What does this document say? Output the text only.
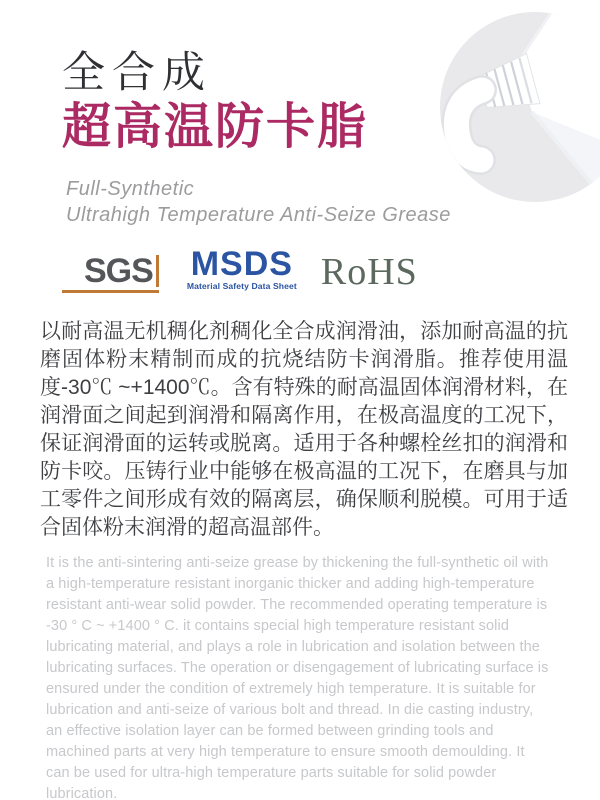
全合成
超高温防卡脂
Full-Synthetic
Ultrahigh Temperature Anti-Seize Grease
SGS MSDS
Material Safety Data Sheet RoHS
以耐高温无机稠化剂稠化全合成润滑油，添加耐高温的抗磨固体粉末精制而成的抗烧结防卡润滑脂。推荐使用温度-30℃ ~+1400℃。含有特殊的耐高温固体润滑材料，在润滑面之间起到润滑和隔离作用，在极高温度的工况下，保证润滑面的运转或脱离。适用于各种螺栓丝扣的润滑和防卡咬。压铸行业中能够在极高温的工况下，在磨具与加工零件之间形成有效的隔离层，确保顺利脱模。可用于适合固体粉末润滑的超高温部件。
It is the anti-sintering anti-seize grease by thickening the full-synthetic oil with a high-temperature resistant inorganic thicker and adding high-temperature resistant anti-wear solid powder. The recommended operating temperature is -30 ° C ~ +1400 ° C. it contains special high temperature resistant solid lubricating material, and plays a role in lubrication and isolation between the lubricating surfaces. The operation or disengagement of lubricating surface is ensured under the condition of extremely high temperature. It is suitable for lubrication and anti-seize of various bolt and thread. In die casting industry, an effective isolation layer can be formed between grinding tools and machined parts at very high temperature to ensure smooth demoulding. It can be used for ultra-high temperature parts suitable for solid powder lubrication.
